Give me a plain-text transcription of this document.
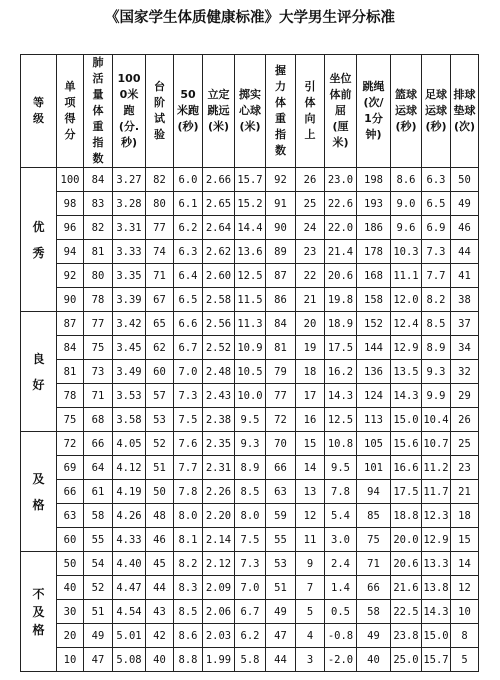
《国家学生体质健康标准》大学男生评分标准
等级	单项得分	肺活量体重指数	1000米跑(分.秒)	台阶试验	50米跑(秒)	立定跳远(米)	掷实心球(米)	握力体重指数	引体向上	坐位体前屈(厘米)	跳绳(次/1分钟)	篮球运球(秒)	足球运球(秒)	排球垫球(次)
优秀	100	84	3.27	82	6.0	2.66	15.7	92	26	23.0	198	8.6	6.3	50
	98	83	3.28	80	6.1	2.65	15.2	91	25	22.6	193	9.0	6.5	49
	96	82	3.31	77	6.2	2.64	14.4	90	24	22.0	186	9.6	6.9	46
	94	81	3.33	74	6.3	2.62	13.6	89	23	21.4	178	10.3	7.3	44
	92	80	3.35	71	6.4	2.60	12.5	87	22	20.6	168	11.1	7.7	41
	90	78	3.39	67	6.5	2.58	11.5	86	21	19.8	158	12.0	8.2	38
良好	87	77	3.42	65	6.6	2.56	11.3	84	20	18.9	152	12.4	8.5	37
	84	75	3.45	62	6.7	2.52	10.9	81	19	17.5	144	12.9	8.9	34
	81	73	3.49	60	7.0	2.48	10.5	79	18	16.2	136	13.5	9.3	32
	78	71	3.53	57	7.3	2.43	10.0	77	17	14.3	124	14.3	9.9	29
	75	68	3.58	53	7.5	2.38	9.5	72	16	12.5	113	15.0	10.4	26
及格	72	66	4.05	52	7.6	2.35	9.3	70	15	10.8	105	15.6	10.7	25
	69	64	4.12	51	7.7	2.31	8.9	66	14	9.5	101	16.6	11.2	23
	66	61	4.19	50	7.8	2.26	8.5	63	13	7.8	94	17.5	11.7	21
	63	58	4.26	48	8.0	2.20	8.0	59	12	5.4	85	18.8	12.3	18
	60	55	4.33	46	8.1	2.14	7.5	55	11	3.0	75	20.0	12.9	15
不及格	50	54	4.40	45	8.2	2.12	7.3	53	9	2.4	71	20.6	13.3	14
	40	52	4.47	44	8.3	2.09	7.0	51	7	1.4	66	21.6	13.8	12
	30	51	4.54	43	8.5	2.06	6.7	49	5	0.5	58	22.5	14.3	10
	20	49	5.01	42	8.6	2.03	6.2	47	4	-0.8	49	23.8	15.0	8
	10	47	5.08	40	8.8	1.99	5.8	44	3	-2.0	40	25.0	15.7	5
